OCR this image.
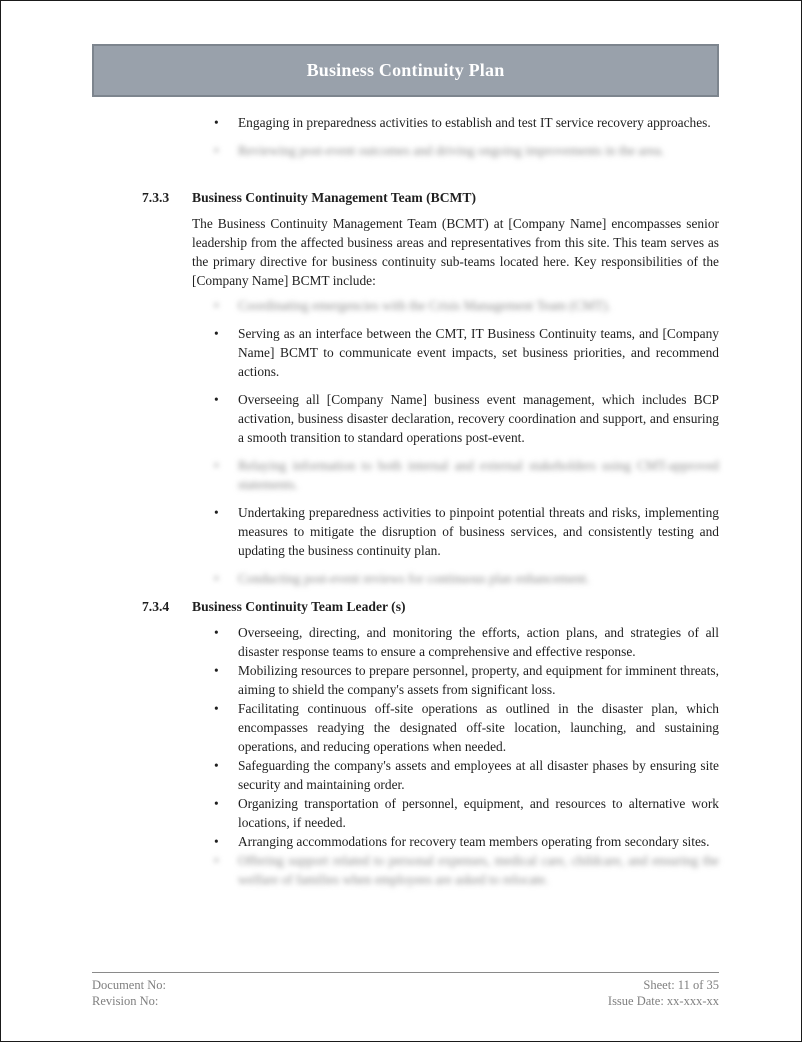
Business Continuity Plan
•	Engaging in preparedness activities to establish and test IT service recovery approaches.
•	Reviewing post-event outcomes and driving ongoing improvements in the area.
7.3.3	Business Continuity Management Team (BCMT)
The Business Continuity Management Team (BCMT) at [Company Name] encompasses senior leadership from the affected business areas and representatives from this site. This team serves as the primary directive for business continuity sub-teams located here. Key responsibilities of the [Company Name] BCMT include:
•	Coordinating emergencies with the Crisis Management Team (CMT).
•	Serving as an interface between the CMT, IT Business Continuity teams, and [Company Name] BCMT to communicate event impacts, set business priorities, and recommend actions.
•	Overseeing all [Company Name] business event management, which includes BCP activation, business disaster declaration, recovery coordination and support, and ensuring a smooth transition to standard operations post-event.
•	Relaying information to both internal and external stakeholders using CMT-approved statements.
•	Undertaking preparedness activities to pinpoint potential threats and risks, implementing measures to mitigate the disruption of business services, and consistently testing and updating the business continuity plan.
•	Conducting post-event reviews for continuous plan enhancement.
7.3.4	Business Continuity Team Leader (s)
•	Overseeing, directing, and monitoring the efforts, action plans, and strategies of all disaster response teams to ensure a comprehensive and effective response.
•	Mobilizing resources to prepare personnel, property, and equipment for imminent threats, aiming to shield the company's assets from significant loss.
•	Facilitating continuous off-site operations as outlined in the disaster plan, which encompasses readying the designated off-site location, launching, and sustaining operations, and reducing operations when needed.
•	Safeguarding the company's assets and employees at all disaster phases by ensuring site security and maintaining order.
•	Organizing transportation of personnel, equipment, and resources to alternative work locations, if needed.
•	Arranging accommodations for recovery team members operating from secondary sites.
•	Offering support related to personal expenses, medical care, childcare, and ensuring the welfare of families when employees are asked to relocate.
Document No:
Revision No:
Sheet: 11 of 35
Issue Date: xx-xxx-xx
